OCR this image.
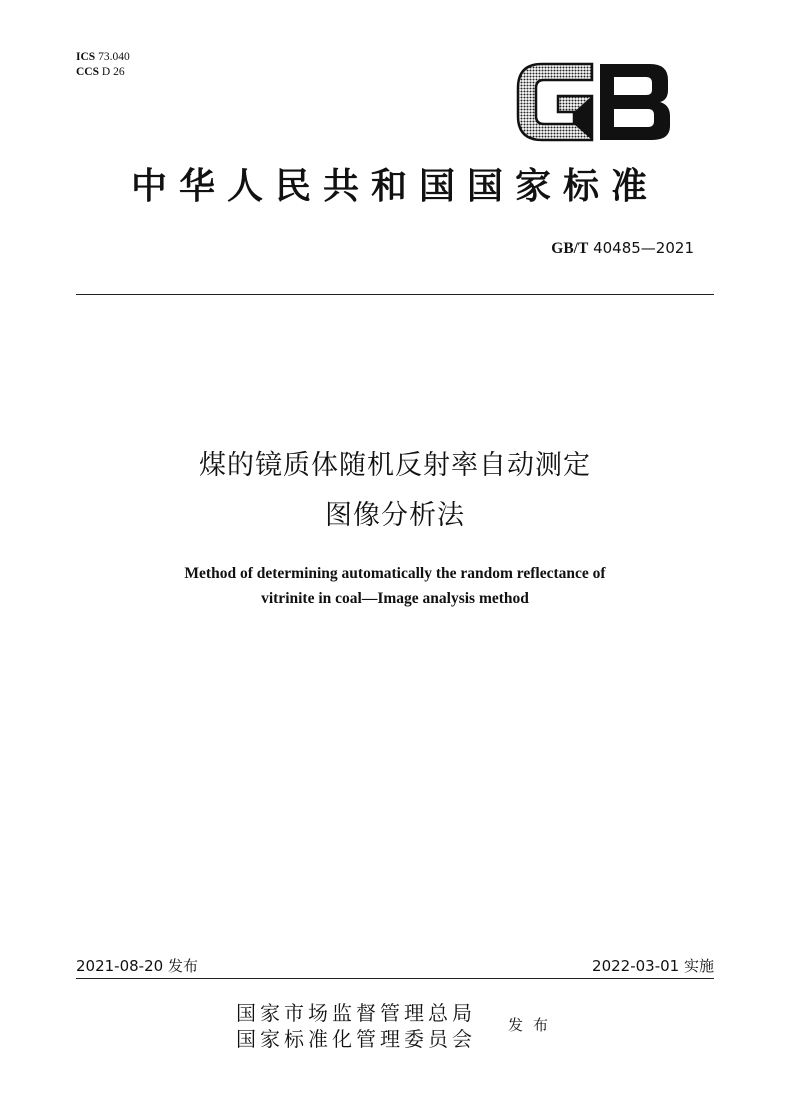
ICS 73.040
CCS D 26
GB
中华人民共和国国家标准
GB/T 40485—2021
煤的镜质体随机反射率自动测定
图像分析法
Method of determining automatically the random reflectance of
vitrinite in coal—Image analysis method
2021-08-20 发布	2022-03-01 实施
国家市场监督管理总局
国家标准化管理委员会
发布
